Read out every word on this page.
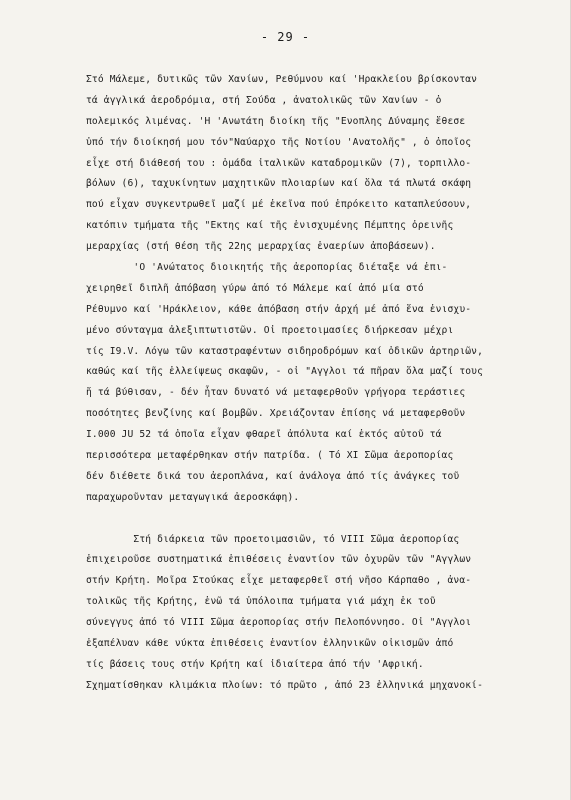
- 29 -
Στό Μάλεμε, δυτικῶς τῶν Χανίων, Ρεθύμνου καί 'Ηρακλείου βρίσκονταν
τά ἀγγλικά ἀεροδρόμια, στή Σούδα , ἀνατολικῶς τῶν Χανίων - ὁ
πολεμικός λιμένας. 'Η 'Ανωτάτη διοίκη τῆς "Ενοπλης Δύναμης ἔθεσε
ὑπό τήν διοίκησή μου τόν"Ναύαρχο τῆς Νοτίου 'Ανατολῆς" , ὁ ὁποῖος
εἶχε στή διάθεσή του : ὁμάδα ἰταλικῶν καταδρομικῶν (7), τορπιλλο-
βόλων (6), ταχυκίνητων μαχητικῶν πλοιαρίων καί ὅλα τά πλωτά σκάφη
πού εἶχαν συγκεντρωθεῖ μαζί μέ ἐκεῖνα πού ἐπρόκειτο καταπλεύσουν,
κατόπιν τμήματα τῆς "Εκτης καί τῆς ἐνισχυμένης Πέμπτης ὀρεινῆς
μεραρχίας (στή θέση τῆς 22ης μεραρχίας ἐναερίων ἀποβάσεων).
'Ο 'Ανώτατος διοικητής τῆς ἀεροπορίας διέταξε νά ἐπι-
χειρηθεῖ διπλῆ ἀπόβαση γύρω ἀπό τό Μάλεμε καί ἀπό μία στό
Ρέθυμνο καί 'Ηράκλειον, κάθε ἀπόβαση στήν ἀρχή μέ ἀπό ἕνα ἐνισχυ-
μένο σύνταγμα ἀλεξιπτωτιστῶν. Οἱ προετοιμασίες διήρκεσαν μέχρι
τίς I9.V. Λόγω τῶν καταστραφέντων σιδηροδρόμων καί ὁδικῶν ἀρτηριῶν,
καθώς καί τῆς ἐλλείψεως σκαφῶν, - οἱ "Αγγλοι τά πῆραν ὅλα μαζί τους
ἤ τά βύθισαν, - δέν ἦταν δυνατό νά μεταφερθοῦν γρήγορα τεράστιες
ποσότητες βενζίνης καί βομβῶν. Χρειάζονταν ἐπίσης νά μεταφερθοῦν
I.000 JU 52 τά ὁποῖα εἶχαν φθαρεῖ ἀπόλυτα καί ἐκτός αὐτοῦ τά
περισσότερα μεταφέρθηκαν στήν πατρίδα. ( Τό XI Σῶμα ἀεροπορίας
δέν διέθετε δικά του ἀεροπλάνα, καί ἀνάλογα ἀπό τίς ἀνάγκες τοῦ
παραχωροῦνταν μεταγωγικά ἀεροσκάφη).
Στή διάρκεια τῶν προετοιμασιῶν, τό VIII Σῶμα ἀεροπορίας
ἐπιχειροῦσε συστηματικά ἐπιθέσεις ἐναντίον τῶν ὀχυρῶν τῶν "Αγγλων
στήν Κρήτη. Μοῖρα Στούκας εἶχε μεταφερθεῖ στή νῆσο Κάρπαθο , ἀνα-
τολικῶς τῆς Κρήτης, ἐνῶ τά ὑπόλοιπα τμήματα γιά μάχη ἐκ τοῦ
σύνεγγυς ἀπό τό VIII Σῶμα ἀεροπορίας στήν Πελοπόννησο. Οἱ "Αγγλοι
ἐξαπέλυαν κάθε νύκτα ἐπιθέσεις ἐναντίον ἑλληνικῶν οἰκισμῶν ἀπό
τίς βάσεις τους στήν Κρήτη καί ἰδιαίτερα ἀπό τήν 'Αφρική.
Σχηματίσθηκαν κλιμάκια πλοίων: τό πρῶτο , ἀπό 23 ἑλληνικά μηχανοκί-
